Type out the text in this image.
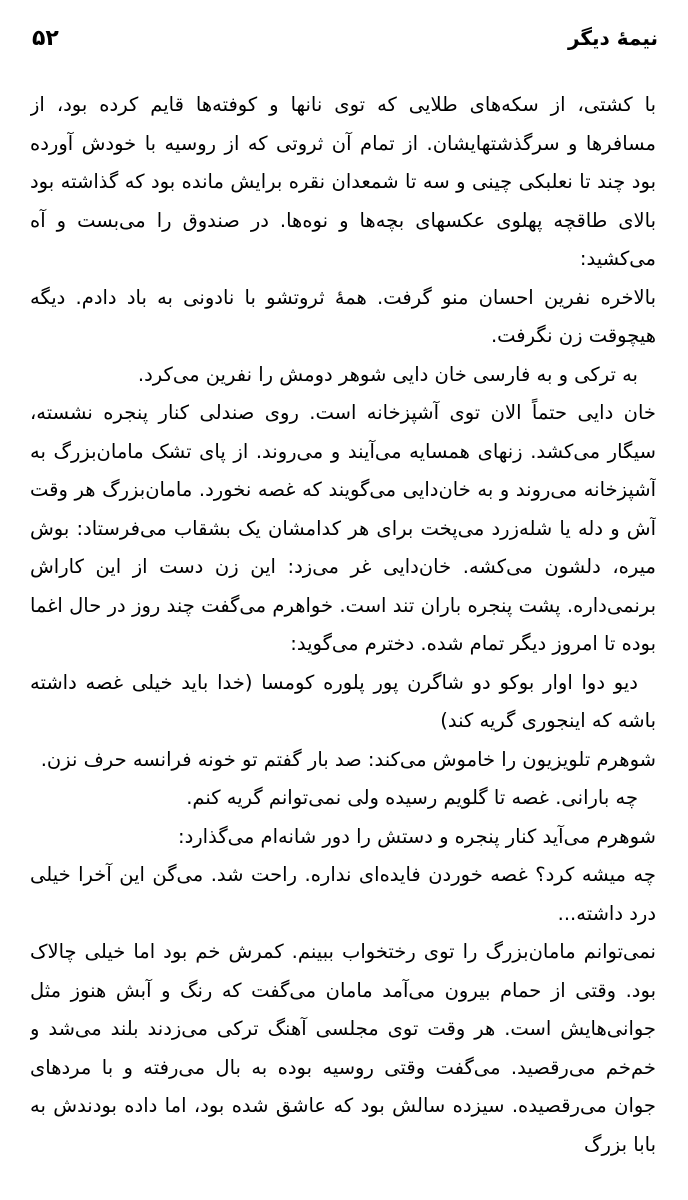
۵۲	نیمهٔ دیگر

با کشتی، از سکه‌های طلایی که توی نانها و کوفته‌ها قایم کرده بود، از مسافرها و سرگذشتهایشان. از تمام آن ثروتی که از روسیه با خودش آورده بود چند تا نعلبکی چینی و سه تا شمعدان نقره برایش مانده بود که گذاشته بود بالای طاقچه پهلوی عکسهای بچه‌ها و نوه‌ها. در صندوق را می‌بست و آه می‌کشید:

بالاخره نفرین احسان منو گرفت. همهٔ ثروتشو با نادونی به باد دادم. دیگه هیچوقت زن نگرفت.

به ترکی و به فارسی خان دایی شوهر دومش را نفرین می‌کرد.

خان دایی حتماً الان توی آشپزخانه است. روی صندلی کنار پنجره نشسته، سیگار می‌کشد. زنهای همسایه می‌آیند و می‌روند. از پای تشک مامان‌بزرگ به آشپزخانه می‌روند و به خان‌دایی می‌گویند که غصه نخورد. مامان‌بزرگ هر وقت آش و دله یا شله‌زرد می‌پخت برای هر کدامشان یک بشقاب می‌فرستاد: بوش میره، دلشون می‌کشه. خان‌دایی غر می‌زد: این زن دست از این کاراش برنمی‌داره. پشت پنجره باران تند است. خواهرم می‌گفت چند روز در حال اغما بوده تا امروز دیگر تمام شده. دخترم می‌گوید:

دیو دوا اوار بوکو دو شاگرن پور پلوره کومسا (خدا باید خیلی غصه داشته باشه که اینجوری گریه کند)

شوهرم تلویزیون را خاموش می‌کند: صد بار گفتم تو خونه فرانسه حرف نزن.

چه بارانی. غصه تا گلویم رسیده ولی نمی‌توانم گریه کنم.

شوهرم می‌آید کنار پنجره و دستش را دور شانه‌ام می‌گذارد:

چه میشه کرد؟ غصه خوردن فایده‌ای نداره. راحت شد. می‌گن این آخرا خیلی درد داشته...

نمی‌توانم مامان‌بزرگ را توی رختخواب ببینم. کمرش خم بود اما خیلی چالاک بود. وقتی از حمام بیرون می‌آمد مامان می‌گفت که رنگ و آبش هنوز مثل جوانی‌هایش است. هر وقت توی مجلسی آهنگ ترکی می‌زدند بلند می‌شد و خم‌خم می‌رقصید. می‌گفت وقتی روسیه بوده به بال می‌رفته و با مردهای جوان می‌رقصیده. سیزده سالش بود که عاشق شده بود، اما داده بودندش به بابا بزرگ
